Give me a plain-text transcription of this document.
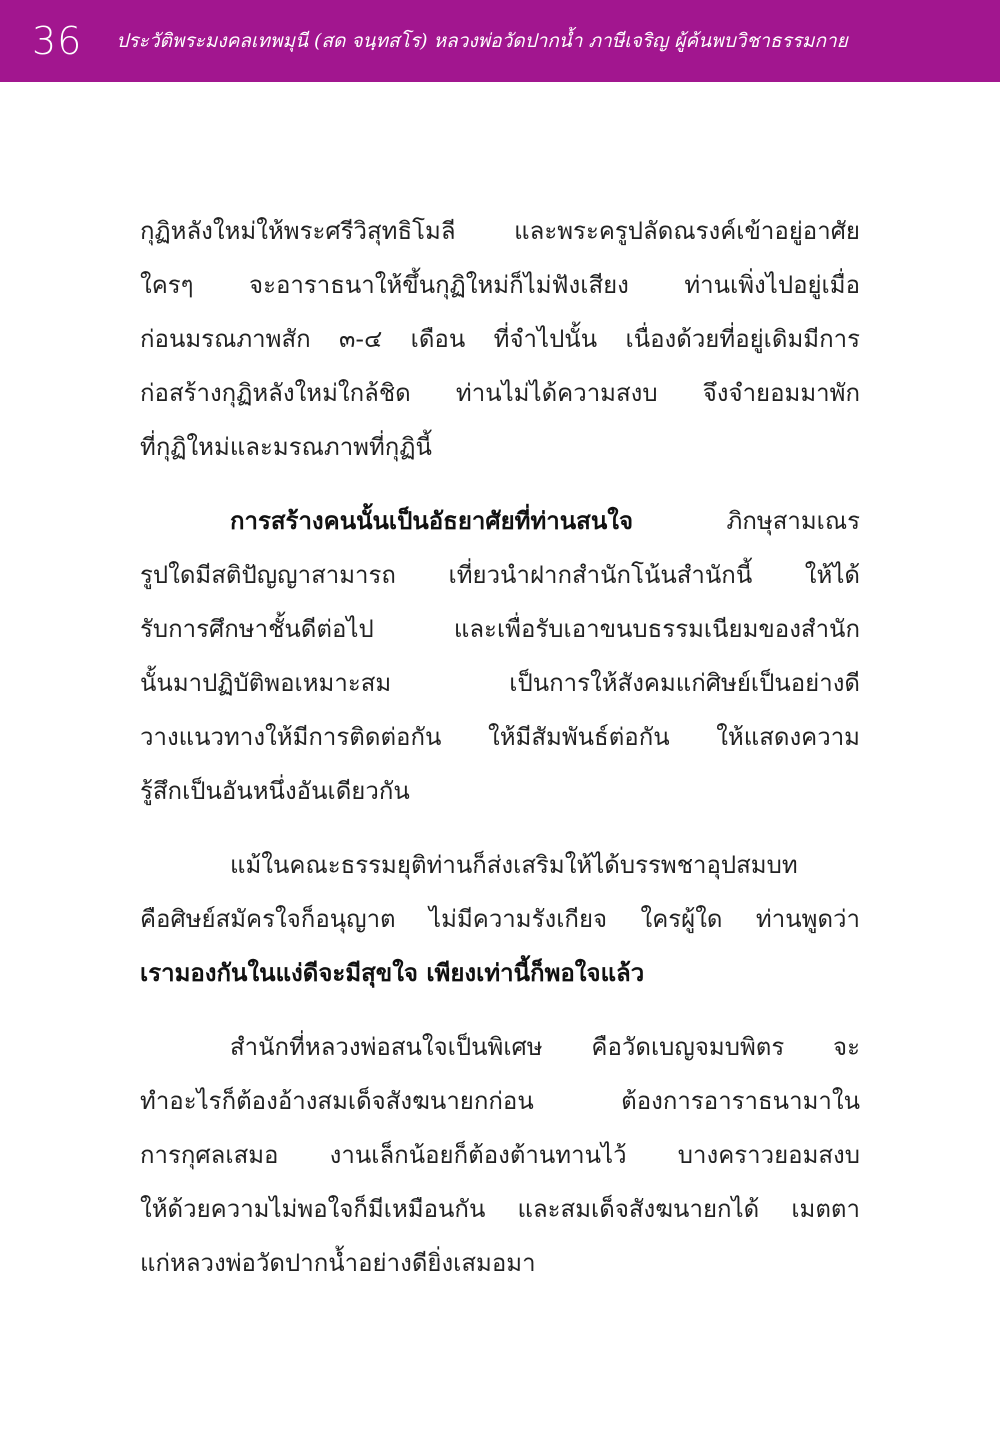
36 ประวัติพระมงคลเทพมุนี (สด จนฺทสโร) หลวงพ่อวัดปากน้ำ ภาษีเจริญ ผู้ค้นพบวิชาธรรมกาย
กุฏิหลังใหม่ให้พระศรีวิสุทธิโมลี และพระครูปลัดณรงค์เข้าอยู่อาศัย
ใครๆ จะอาราธนาให้ขึ้นกุฏิใหม่ก็ไม่ฟังเสียง ท่านเพิ่งไปอยู่เมื่อ
ก่อนมรณภาพสัก ๓-๔ เดือน ที่จำไปนั้น เนื่องด้วยที่อยู่เดิมมีการ
ก่อสร้างกุฏิหลังใหม่ใกล้ชิด ท่านไม่ได้ความสงบ จึงจำยอมมาพัก
ที่กุฏิใหม่และมรณภาพที่กุฏินี้
การสร้างคนนั้นเป็นอัธยาศัยที่ท่านสนใจ	ภิกษุสามเณร
รูปใดมีสติปัญญาสามารถ เที่ยวนำฝากสำนักโน้นสำนักนี้ ให้ได้
รับการศึกษาชั้นดีต่อไป และเพื่อรับเอาขนบธรรมเนียมของสำนัก
นั้นมาปฏิบัติพอเหมาะสม เป็นการให้สังคมแก่ศิษย์เป็นอย่างดี
วางแนวทางให้มีการติดต่อกัน ให้มีสัมพันธ์ต่อกัน ให้แสดงความ
รู้สึกเป็นอันหนึ่งอันเดียวกัน
แม้ในคณะธรรมยุติท่านก็ส่งเสริมให้ได้บรรพชาอุปสมบท
คือศิษย์สมัครใจก็อนุญาต ไม่มีความรังเกียจ ใครผู้ใด ท่านพูดว่า
เรามองกันในแง่ดีจะมีสุขใจ เพียงเท่านี้ก็พอใจแล้ว
สำนักที่หลวงพ่อสนใจเป็นพิเศษ คือวัดเบญจมบพิตร จะ
ทำอะไรก็ต้องอ้างสมเด็จสังฆนายกก่อน ต้องการอาราธนามาใน
การกุศลเสมอ งานเล็กน้อยก็ต้องต้านทานไว้ บางคราวยอมสงบ
ให้ด้วยความไม่พอใจก็มีเหมือนกัน และสมเด็จสังฆนายกได้ เมตตา
แก่หลวงพ่อวัดปากน้ำอย่างดียิ่งเสมอมา
